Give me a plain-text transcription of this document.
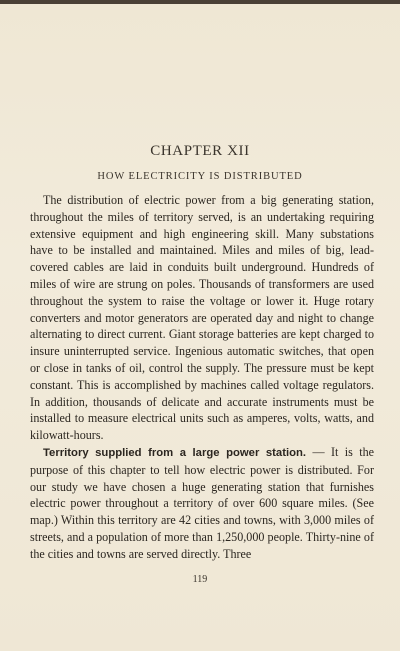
CHAPTER XII
HOW ELECTRICITY IS DISTRIBUTED

The distribution of electric power from a big generating station, throughout the miles of territory served, is an undertaking requiring extensive equipment and high engineering skill. Many substations have to be installed and maintained. Miles and miles of big, lead-covered cables are laid in conduits built underground. Hundreds of miles of wire are strung on poles. Thousands of transformers are used throughout the system to raise the voltage or lower it. Huge rotary converters and motor generators are operated day and night to change alternating to direct current. Giant storage batteries are kept charged to insure uninterrupted service. Ingenious automatic switches, that open or close in tanks of oil, control the supply. The pressure must be kept constant. This is accomplished by machines called voltage regulators. In addition, thousands of delicate and accurate instruments must be installed to measure electrical units such as amperes, volts, watts, and kilowatt-hours.

Territory supplied from a large power station. — It is the purpose of this chapter to tell how electric power is distributed. For our study we have chosen a huge generating station that furnishes electric power throughout a territory of over 600 square miles. (See map.) Within this territory are 42 cities and towns, with 3,000 miles of streets, and a population of more than 1,250,000 people. Thirty-nine of the cities and towns are served directly. Three

119
